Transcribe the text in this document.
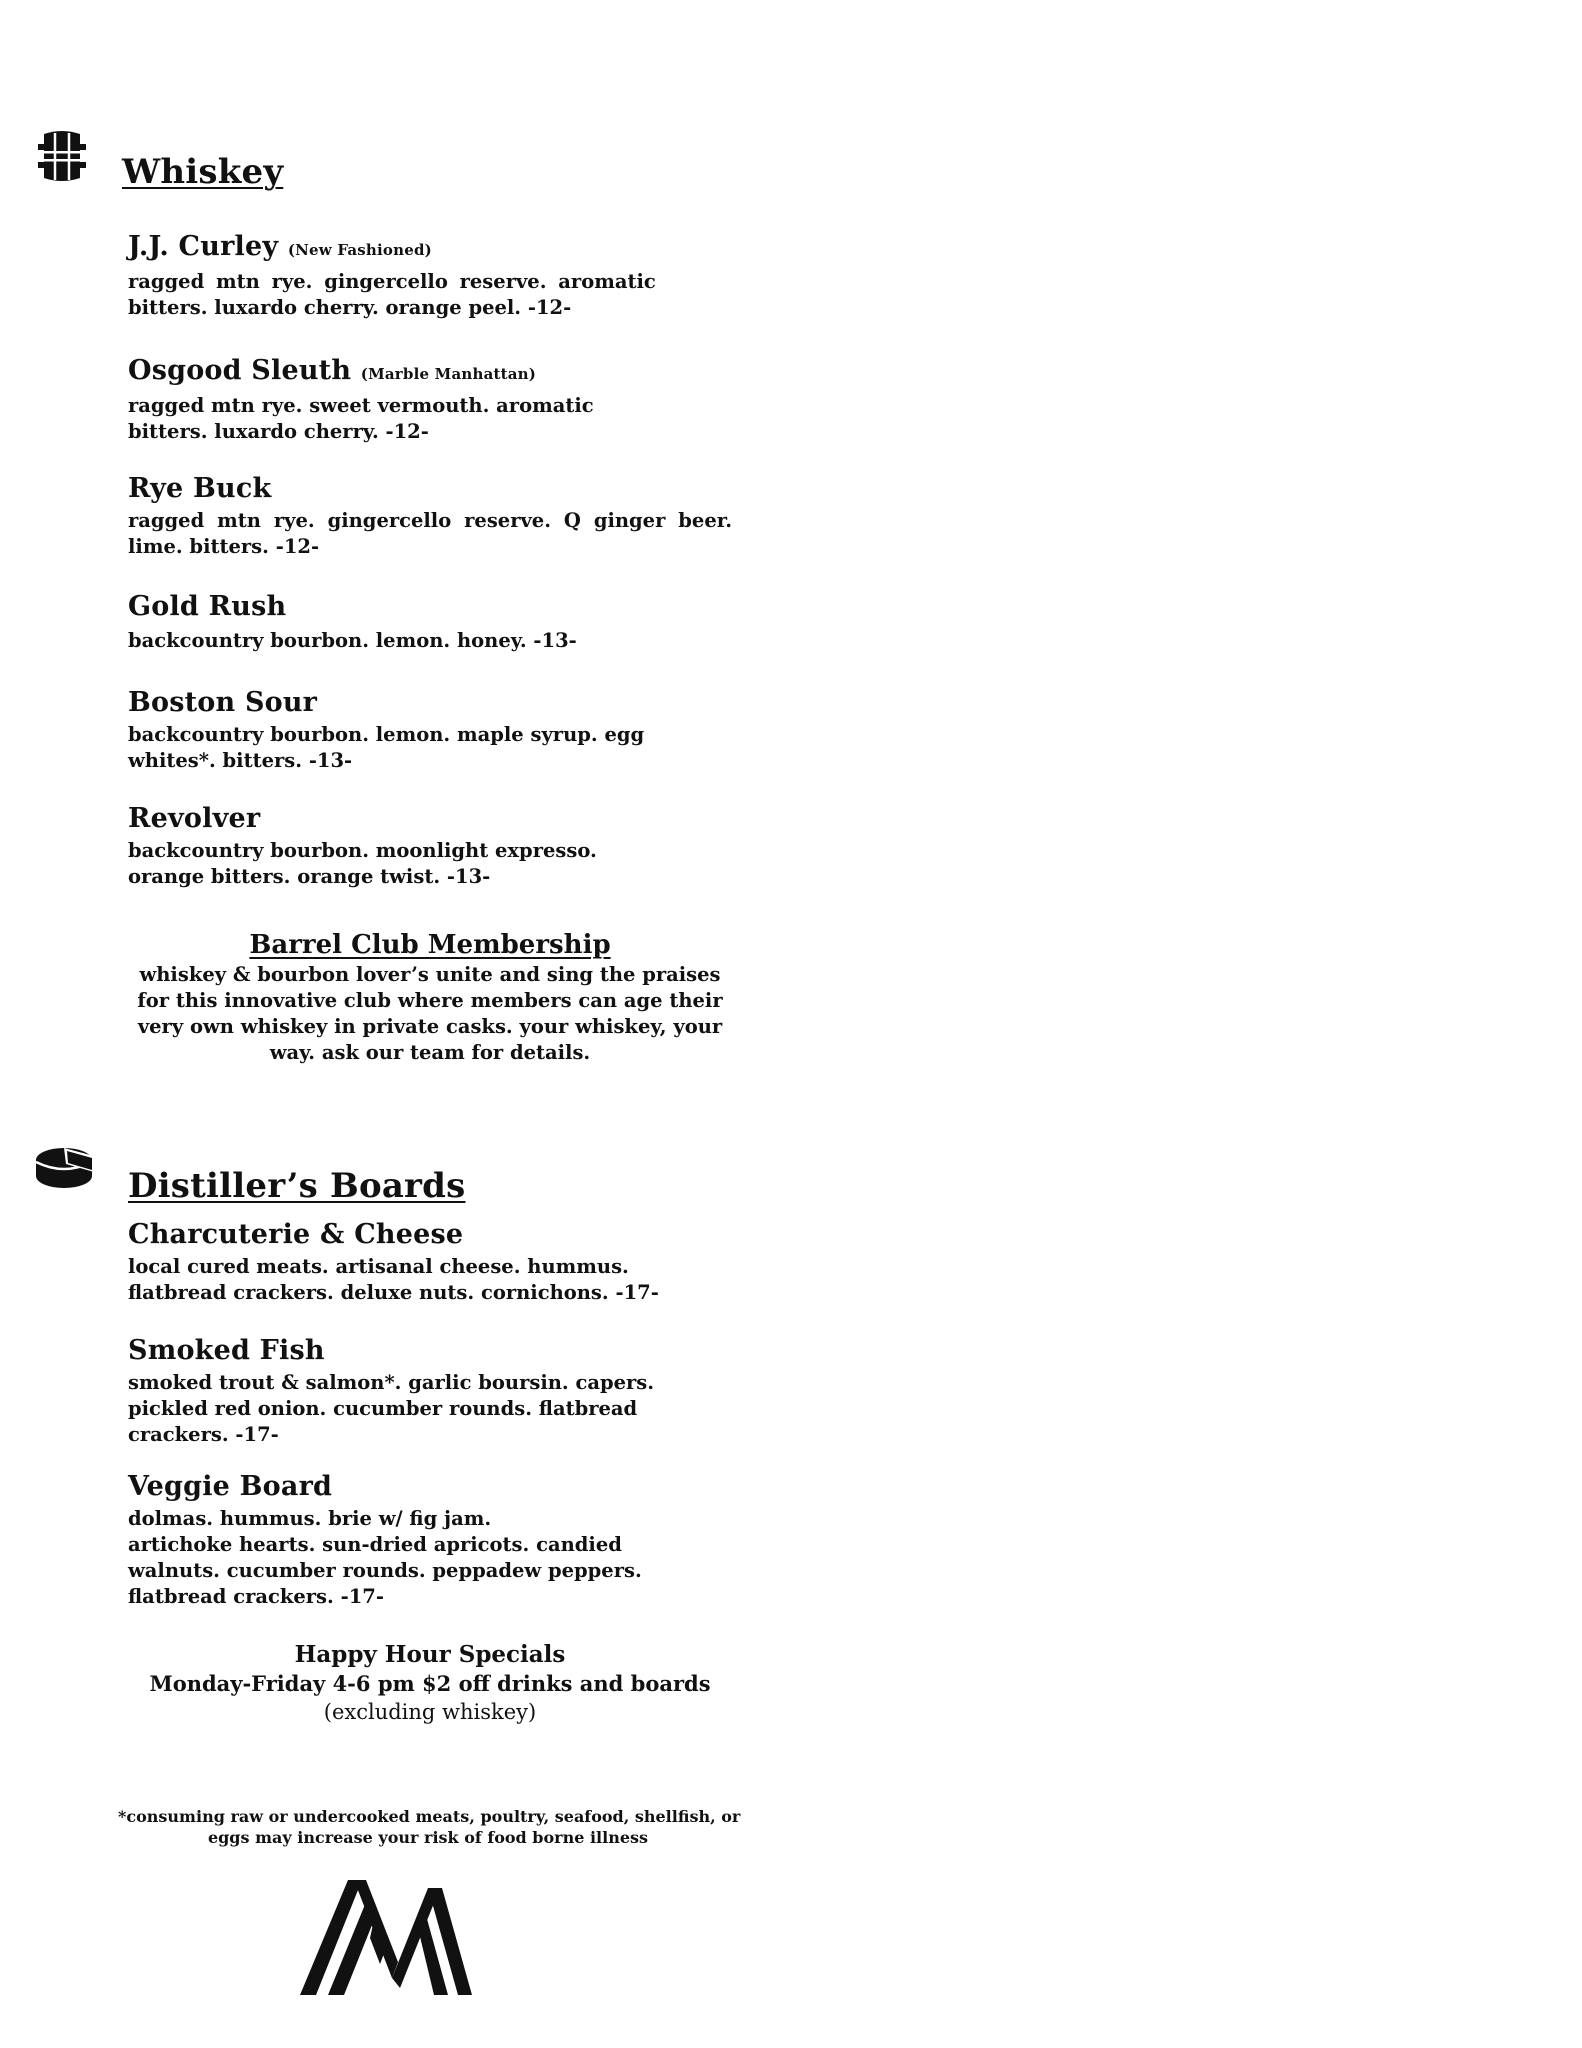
Whiskey
J.J. Curley (New Fashioned)
ragged mtn rye. gingercello reserve. aromatic
bitters. luxardo cherry. orange peel. -12-
Osgood Sleuth (Marble Manhattan)
ragged mtn rye. sweet vermouth. aromatic
bitters. luxardo cherry. -12-
Rye Buck
ragged mtn rye. gingercello reserve. Q ginger beer.
lime. bitters. -12-
Gold Rush
backcountry bourbon. lemon. honey. -13-
Boston Sour
backcountry bourbon. lemon. maple syrup. egg
whites*. bitters. -13-
Revolver
backcountry bourbon. moonlight expresso.
orange bitters. orange twist. -13-
Barrel Club Membership
whiskey & bourbon lover’s unite and sing the praises
for this innovative club where members can age their
very own whiskey in private casks. your whiskey, your
way. ask our team for details.
Distiller’s Boards
Charcuterie & Cheese
local cured meats. artisanal cheese. hummus.
flatbread crackers. deluxe nuts. cornichons. -17-
Smoked Fish
smoked trout & salmon*. garlic boursin. capers.
pickled red onion. cucumber rounds. flatbread
crackers. -17-
Veggie Board
dolmas. hummus. brie w/ fig jam.
artichoke hearts. sun-dried apricots. candied
walnuts. cucumber rounds. peppadew peppers.
flatbread crackers. -17-
Happy Hour Specials
Monday-Friday 4-6 pm $2 off drinks and boards
(excluding whiskey)
*consuming raw or undercooked meats, poultry, seafood, shellfish, or
eggs may increase your risk of food borne illness
